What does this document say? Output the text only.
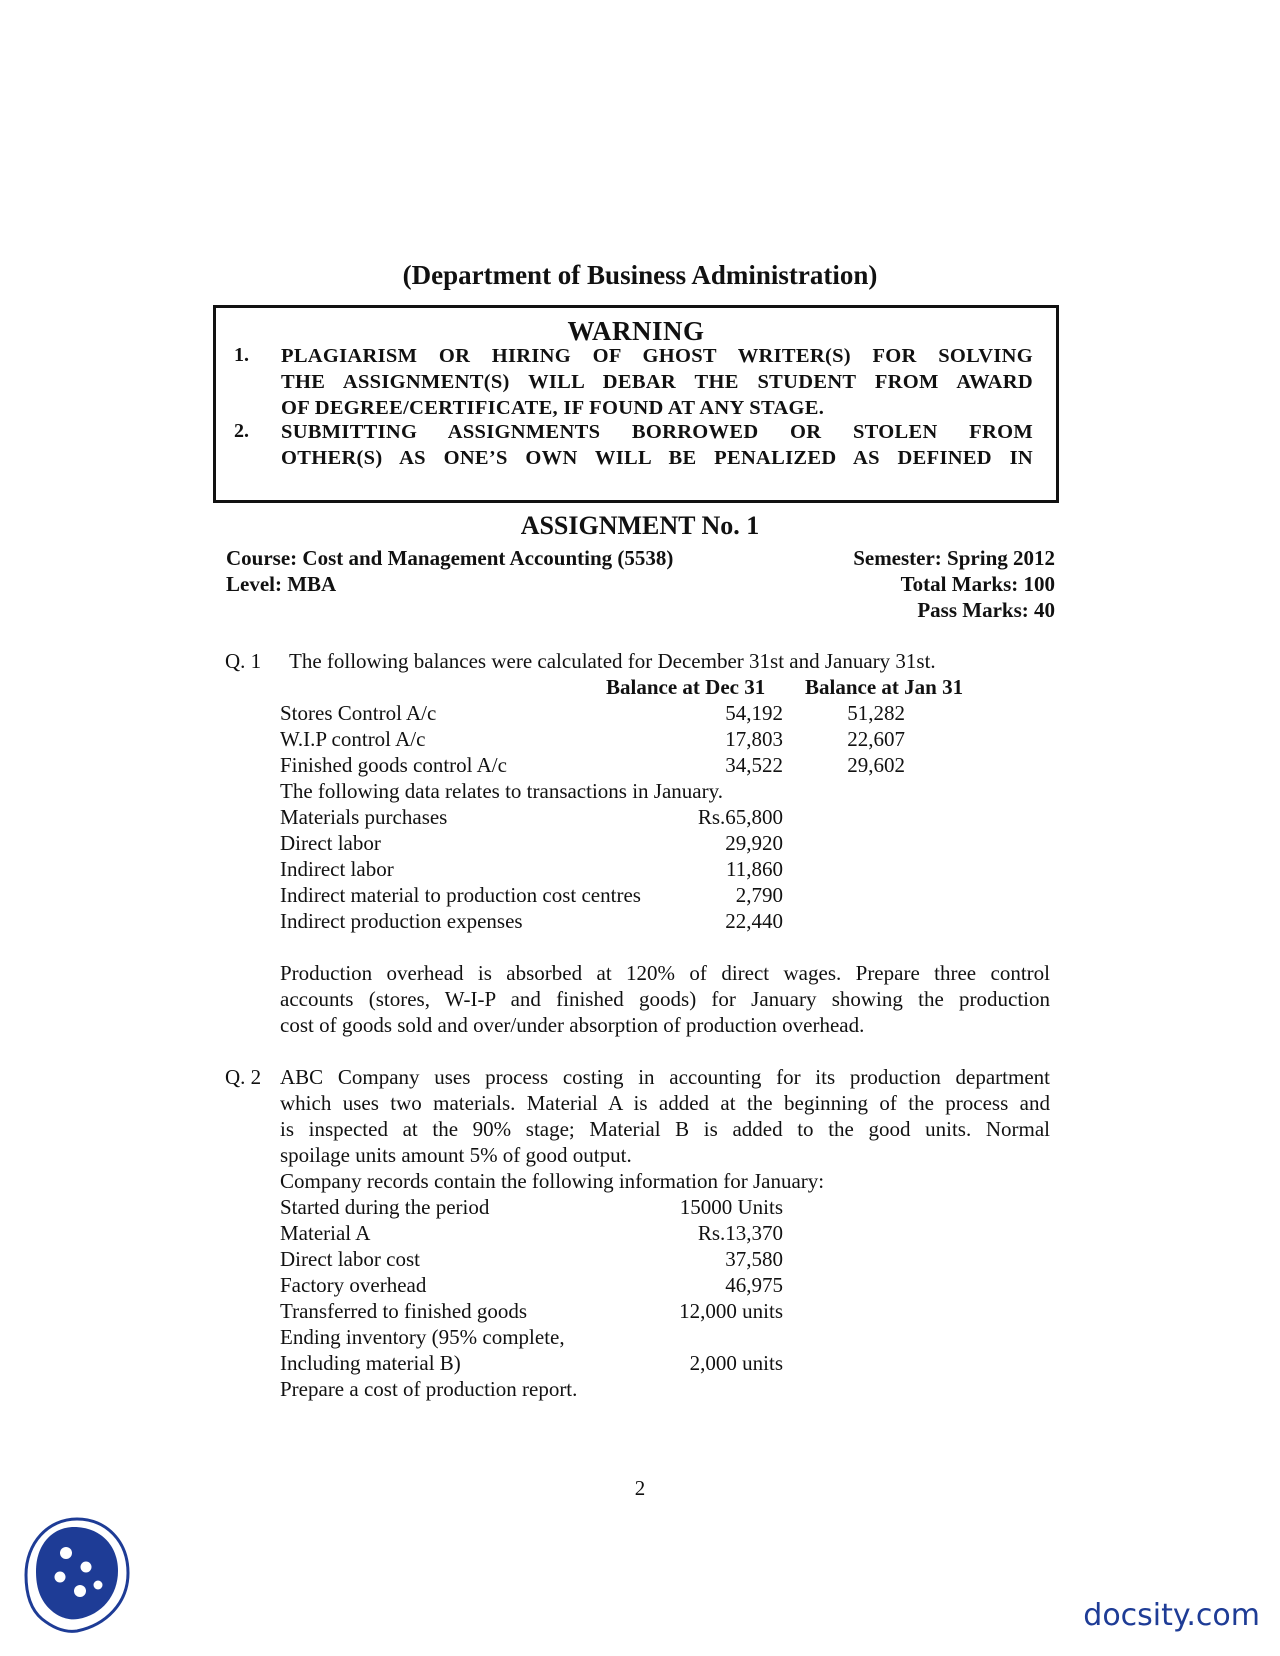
(Department of Business Administration)
WARNING
1. PLAGIARISM OR HIRING OF GHOST WRITER(S) FOR SOLVING
THE ASSIGNMENT(S) WILL DEBAR THE STUDENT FROM AWARD
OF DEGREE/CERTIFICATE, IF FOUND AT ANY STAGE.
2. SUBMITTING ASSIGNMENTS BORROWED OR STOLEN FROM
OTHER(S) AS ONE’S OWN WILL BE PENALIZED AS DEFINED IN
ASSIGNMENT No. 1
Course: Cost and Management Accounting (5538)
Level: MBA
Semester: Spring 2012
Total Marks: 100
Pass Marks: 40
Q. 1 The following balances were calculated for December 31st and January 31st.
Balance at Dec 31 Balance at Jan 31
Stores Control A/c	54,192	51,282
W.I.P control A/c	17,803	22,607
Finished goods control A/c	34,522	29,602
The following data relates to transactions in January.
Materials purchases	Rs.65,800
Direct labor	29,920
Indirect labor	11,860
Indirect material to production cost centres	2,790
Indirect production expenses	22,440
Production overhead is absorbed at 120% of direct wages. Prepare three control
accounts (stores, W-I-P and finished goods) for January showing the production
cost of goods sold and over/under absorption of production overhead.
Q. 2 ABC Company uses process costing in accounting for its production department
which uses two materials. Material A is added at the beginning of the process and
is inspected at the 90% stage; Material B is added to the good units. Normal
spoilage units amount 5% of good output.
Company records contain the following information for January:
Started during the period	15000 Units
Material A	Rs.13,370
Direct labor cost	37,580
Factory overhead	46,975
Transferred to finished goods	12,000 units
Ending inventory (95% complete,
Including material B)	2,000 units
Prepare a cost of production report.
2
docsity.com
